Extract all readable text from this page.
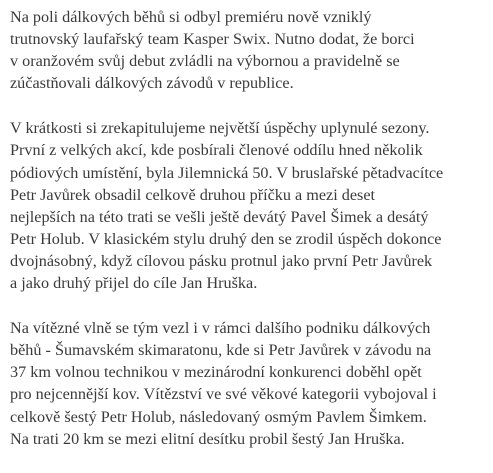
Na poli dálkových běhů si odbyl premiéru nově vzniklý
trutnovský laufařský team Kasper Swix. Nutno dodat, že borci
v oranžovém svůj debut zvládli na výbornou a pravidelně se
zúčastňovali dálkových závodů v republice.

V krátkosti si zrekapitulujeme největší úspěchy uplynulé sezony.
První z velkých akcí, kde posbírali členové oddílu hned několik
pódiových umístění, byla Jilemnická 50. V bruslařské pětadvacítce
Petr Javůrek obsadil celkově druhou příčku a mezi deset
nejlepších na této trati se vešli ještě devátý Pavel Šimek a desátý
Petr Holub. V klasickém stylu druhý den se zrodil úspěch dokonce
dvojnásobný, když cílovou pásku protnul jako první Petr Javůrek
a jako druhý přijel do cíle Jan Hruška.

Na vítězné vlně se tým vezl i v rámci dalšího podniku dálkových
běhů - Šumavském skimaratonu, kde si Petr Javůrek v závodu na
37 km volnou technikou v mezinárodní konkurenci doběhl opět
pro nejcennější kov. Vítězství ve své věkové kategorii vybojoval i
celkově šestý Petr Holub, následovaný osmým Pavlem Šimkem.
Na trati 20 km se mezi elitní desítku probil šestý Jan Hruška.
